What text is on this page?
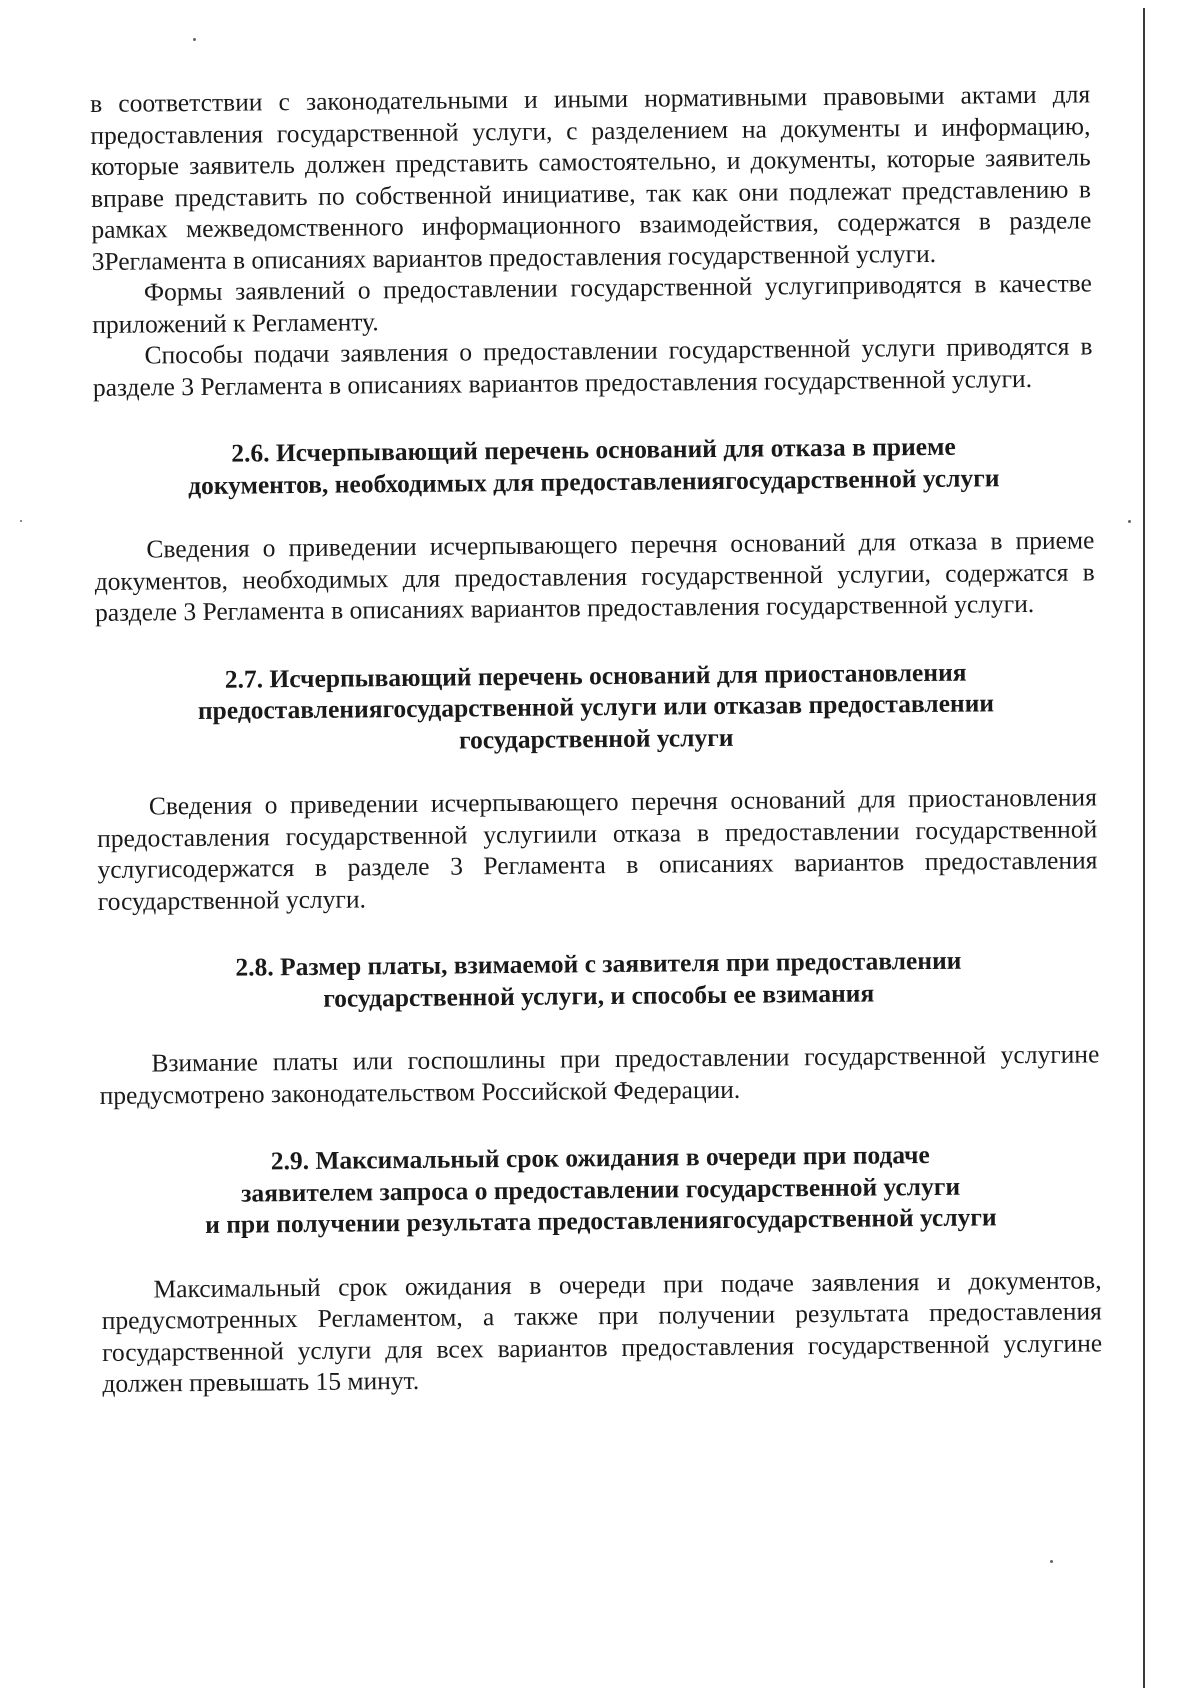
в соответствии с законодательными и иными нормативными правовыми актами для предоставления государственной услуги, с разделением на документы и информацию, которые заявитель должен представить самостоятельно, и документы, которые заявитель вправе представить по собственной инициативе, так как они подлежат представлению в рамках межведомственного информационного взаимодействия, содержатся в разделе 3Регламента в описаниях вариантов предоставления государственной услуги.

Формы заявлений о предоставлении государственной услугиприводятся в качестве приложений к Регламенту.

Способы подачи заявления о предоставлении государственной услуги приводятся в разделе 3 Регламента в описаниях вариантов предоставления государственной услуги.

2.6. Исчерпывающий перечень оснований для отказа в приеме
документов, необходимых для предоставлениягосударственной услуги

Сведения о приведении исчерпывающего перечня оснований для отказа в приеме документов, необходимых для предоставления государственной услугии, содержатся в разделе 3 Регламента в описаниях вариантов предоставления государственной услуги.

2.7. Исчерпывающий перечень оснований для приостановления
предоставлениягосударственной услуги или отказав предоставлении
государственной услуги

Сведения о приведении исчерпывающего перечня оснований для приостановления предоставления государственной услугиили отказа в предоставлении государственной услугисодержатся в разделе 3 Регламента в описаниях вариантов предоставления государственной услуги.

2.8. Размер платы, взимаемой с заявителя при предоставлении
государственной услуги, и способы ее взимания

Взимание платы или госпошлины при предоставлении государственной услугине предусмотрено законодательством Российской Федерации.

2.9. Максимальный срок ожидания в очереди при подаче
заявителем запроса о предоставлении государственной услуги
и при получении результата предоставлениягосударственной услуги

Максимальный срок ожидания в очереди при подаче заявления и документов, предусмотренных Регламентом, а также при получении результата предоставления государственной услуги для всех вариантов предоставления государственной услугине должен превышать 15 минут.
